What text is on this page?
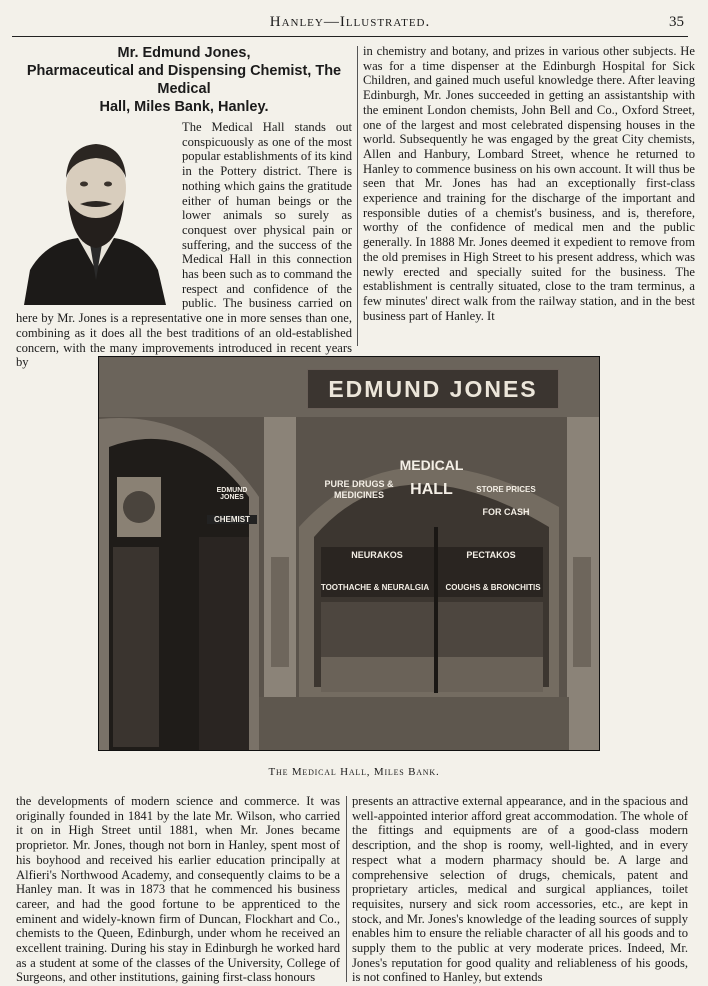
Hanley—Illustrated.	35
Mr. Edmund Jones,
Pharmaceutical and Dispensing Chemist, The Medical
Hall, Miles Bank, Hanley.

The Medical Hall stands out conspicuously as one of the most popular establishments of its kind in the Pottery district. There is nothing which gains the gratitude either of human beings or the lower animals so surely as conquest over physical pain or suffering, and the success of the Medical Hall in this connection has been such as to command the respect and confidence of the public. The business carried on here by Mr. Jones is a representative one in more senses than one, combining as it does all the best traditions of an old-established concern, with the many improvements introduced in recent years by

in chemistry and botany, and prizes in various other subjects. He was for a time dispenser at the Edinburgh Hospital for Sick Children, and gained much useful knowledge there. After leaving Edinburgh, Mr. Jones succeeded in getting an assistantship with the eminent London chemists, John Bell and Co., Oxford Street, one of the largest and most celebrated dispensing houses in the world. Subsequently he was engaged by the great City chemists, Allen and Hanbury, Lombard Street, whence he returned to Hanley to commence business on his own account. It will thus be seen that Mr. Jones has had an exceptionally first-class experience and training for the discharge of the important and responsible duties of a chemist's business, and is, therefore, worthy of the confidence of medical men and the public generally. In 1888 Mr. Jones deemed it expedient to remove from the old premises in High Street to his present address, which was newly erected and specially suited for the business. The establishment is centrally situated, close to the tram terminus, a few minutes' direct walk from the railway station, and in the best business part of Hanley. It

EDMUND JONES
EDMUND JONES
CHEMIST
PURE DRUGS & MEDICINES
MEDICAL
HALL	STORE PRICES
FOR CASH
NEURAKOS
TOOTHACHE & NEURALGIA
PECTAKOS
COUGHS & BRONCHITIS
The Medical Hall, Miles Bank.

the developments of modern science and commerce. It was originally founded in 1841 by the late Mr. Wilson, who carried it on in High Street until 1881, when Mr. Jones became proprietor. Mr. Jones, though not born in Hanley, spent most of his boyhood and received his earlier education principally at Alfieri's Northwood Academy, and consequently claims to be a Hanley man. It was in 1873 that he commenced his business career, and had the good fortune to be apprenticed to the eminent and widely-known firm of Duncan, Flockhart and Co., chemists to the Queen, Edinburgh, under whom he received an excellent training. During his stay in Edinburgh he worked hard as a student at some of the classes of the University, College of Surgeons, and other institutions, gaining first-class honours

presents an attractive external appearance, and in the spacious and well-appointed interior afford great accommodation. The whole of the fittings and equipments are of a good-class modern description, and the shop is roomy, well-lighted, and in every respect what a modern pharmacy should be. A large and comprehensive selection of drugs, chemicals, patent and proprietary articles, medical and surgical appliances, toilet requisites, nursery and sick room accessories, etc., are kept in stock, and Mr. Jones's knowledge of the leading sources of supply enables him to ensure the reliable character of all his goods and to supply them to the public at very moderate prices. Indeed, Mr. Jones's reputation for good quality and reliableness of his goods, is not confined to Hanley, but extends
